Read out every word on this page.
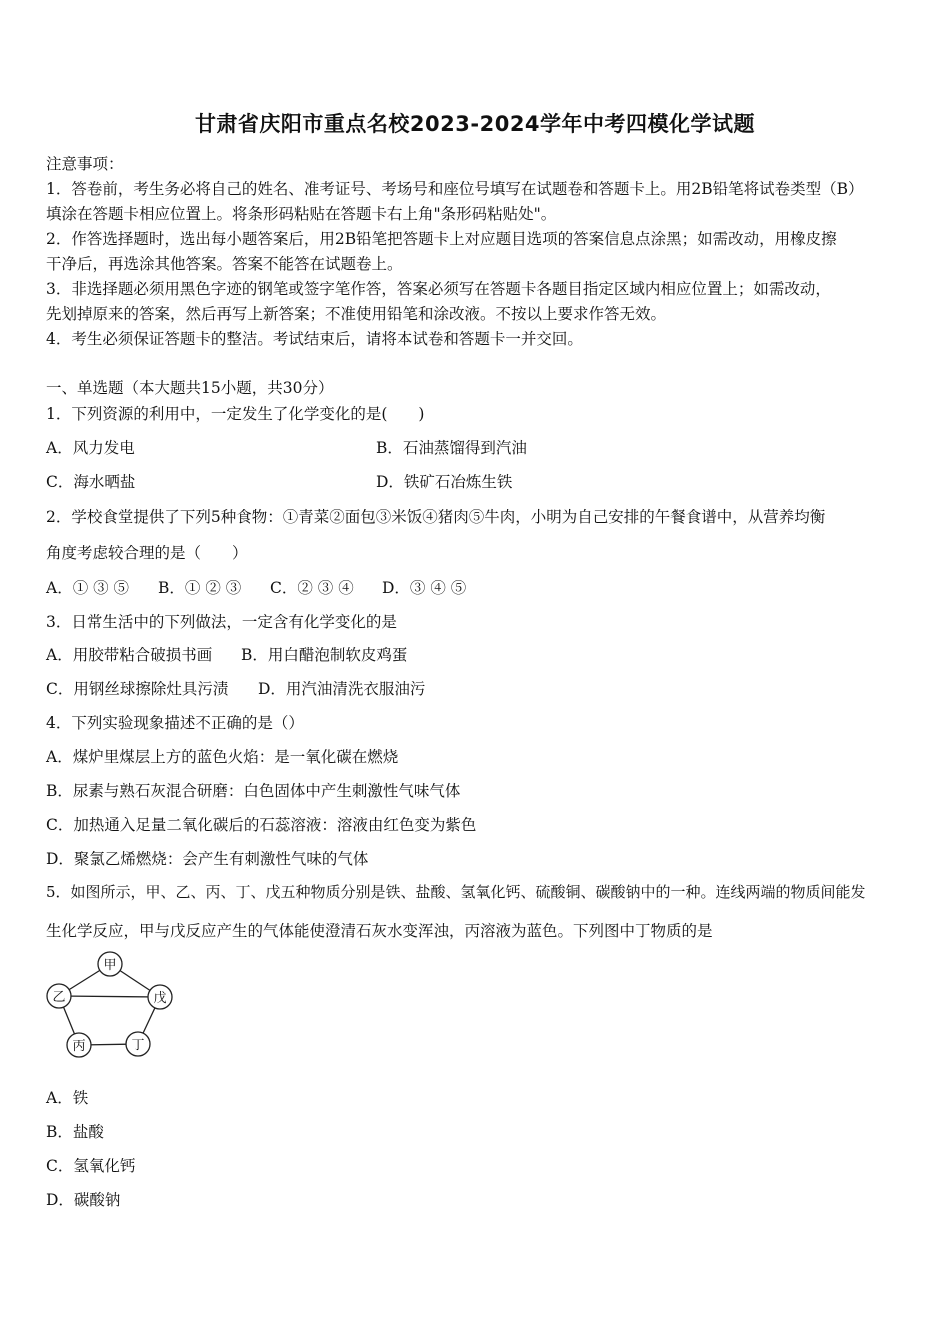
甘肃省庆阳市重点名校2023-2024学年中考四模化学试题
注意事项：
1．答卷前，考生务必将自己的姓名、准考证号、考场号和座位号填写在试题卷和答题卡上。用2B铅笔将试卷类型（B）
填涂在答题卡相应位置上。将条形码粘贴在答题卡右上角"条形码粘贴处"。
2．作答选择题时，选出每小题答案后，用2B铅笔把答题卡上对应题目选项的答案信息点涂黑；如需改动，用橡皮擦
干净后，再选涂其他答案。答案不能答在试题卷上。
3．非选择题必须用黑色字迹的钢笔或签字笔作答，答案必须写在答题卡各题目指定区域内相应位置上；如需改动，
先划掉原来的答案，然后再写上新答案；不准使用铅笔和涂改液。不按以上要求作答无效。
4．考生必须保证答题卡的整洁。考试结束后，请将本试卷和答题卡一并交回。
一、单选题（本大题共15小题，共30分）
1．下列资源的利用中，一定发生了化学变化的是(　　)
A．风力发电	B．石油蒸馏得到汽油
C．海水晒盐	D．铁矿石冶炼生铁
2．学校食堂提供了下列5种食物：①青菜②面包③米饭④猪肉⑤牛肉，小明为自己安排的午餐食谱中，从营养均衡
角度考虑较合理的是（　　）
A．① ③ ⑤ B．① ② ③ C．② ③ ④ D．③ ④ ⑤
3．日常生活中的下列做法，一定含有化学变化的是
A．用胶带粘合破损书画 B．用白醋泡制软皮鸡蛋
C．用钢丝球擦除灶具污渍 D．用汽油清洗衣服油污
4．下列实验现象描述不正确的是（）
A．煤炉里煤层上方的蓝色火焰：是一氧化碳在燃烧
B．尿素与熟石灰混合研磨：白色固体中产生刺激性气味气体
C．加热通入足量二氧化碳后的石蕊溶液：溶液由红色变为紫色
D．聚氯乙烯燃烧：会产生有刺激性气味的气体
5．如图所示，甲、乙、丙、丁、戊五种物质分别是铁、盐酸、氢氧化钙、硫酸铜、碳酸钠中的一种。连线两端的物质间能发
生化学反应，甲与戊反应产生的气体能使澄清石灰水变浑浊，丙溶液为蓝色。下列图中丁物质的是
甲
乙	戊
丙	丁
A．铁
B．盐酸
C．氢氧化钙
D．碳酸钠
